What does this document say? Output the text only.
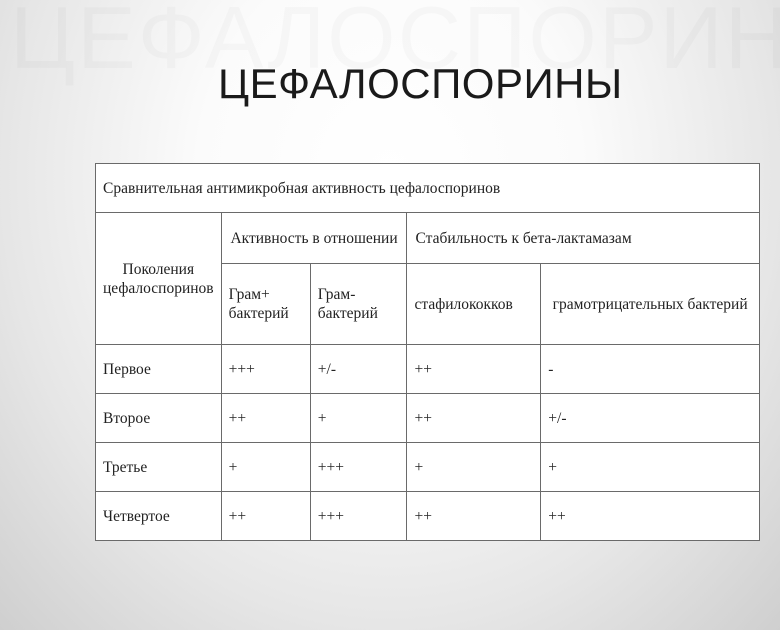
ЦЕФАЛОСПОРИНЫ
Сравнительная антимикробная активность цефалоспоринов				
Поколения цефалоспоринов	Активность в отношении		Стабильность к бета-лактамазам	
	Грам+ бактерий	Грам- бактерий	стафилококков	грамотрицательных бактерий
Первое	+++	+/-	++	-
Второе	++	+	++	+/-
Третье	+	+++	+	+
Четвертое	++	+++	++	++
